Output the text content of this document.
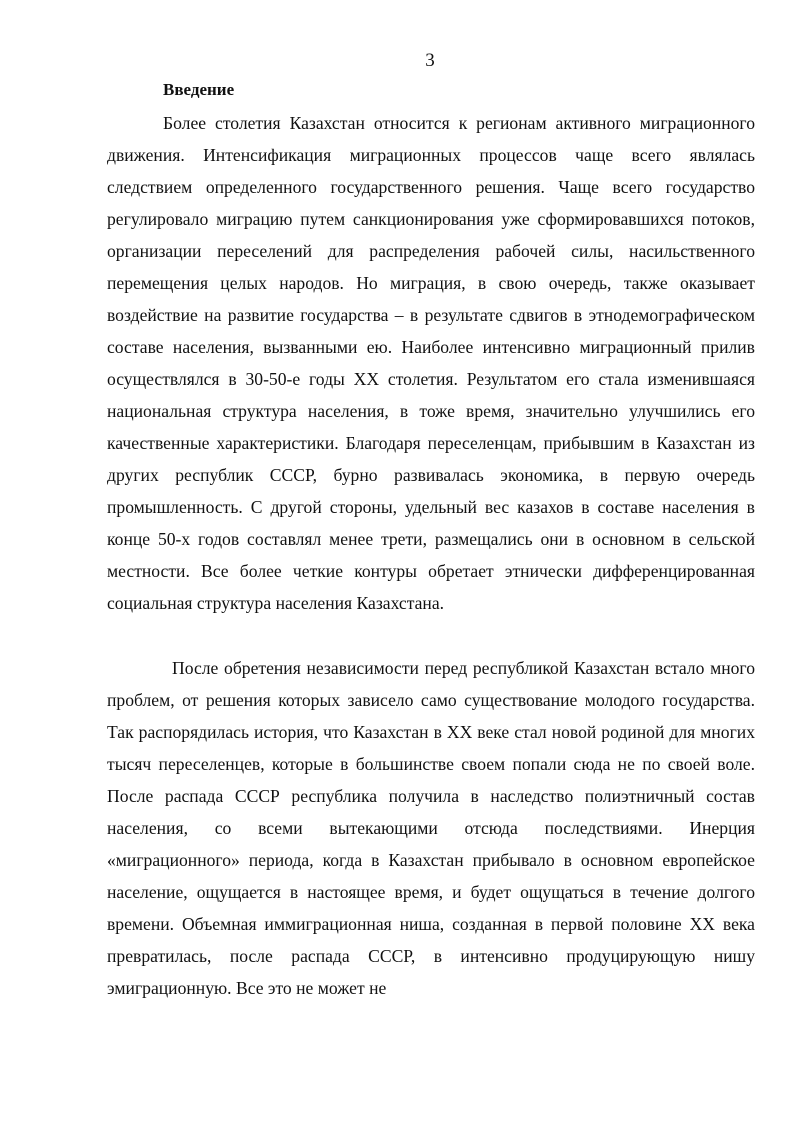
3
Введение

Более столетия Казахстан относится к регионам активного миграционного движения. Интенсификация миграционных процессов чаще всего являлась следствием определенного государственного решения. Чаще всего государство регулировало миграцию путем санкционирования уже сформировавшихся потоков, организации переселений для распределения рабочей силы, насильственного перемещения целых народов. Но миграция, в свою очередь, также оказывает воздействие на развитие государства – в результате сдвигов в этнодемографическом составе населения, вызванными ею. Наиболее интенсивно миграционный прилив осуществлялся в 30-50-е годы XX столетия. Результатом его стала изменившаяся национальная структура населения, в тоже время, значительно улучшились его качественные характеристики. Благодаря переселенцам, прибывшим в Казахстан из других республик СССР, бурно развивалась экономика, в первую очередь промышленность. С другой стороны, удельный вес казахов в составе населения в конце 50-х годов составлял менее трети, размещались они в основном в сельской местности. Все более четкие контуры обретает этнически дифференцированная социальная структура населения Казахстана.

После обретения независимости перед республикой Казахстан встало много проблем, от решения которых зависело само существование молодого государства. Так распорядилась история, что Казахстан в XX веке стал новой родиной для многих тысяч переселенцев, которые в большинстве своем попали сюда не по своей воле. После распада СССР республика получила в наследство полиэтничный состав населения, со всеми вытекающими отсюда последствиями. Инерция «миграционного» периода, когда в Казахстан прибывало в основном европейское население, ощущается в настоящее время, и будет ощущаться в течение долгого времени. Объемная иммиграционная ниша, созданная в первой половине XX века превратилась, после распада СССР, в интенсивно продуцирующую нишу эмиграционную. Все это не может не
